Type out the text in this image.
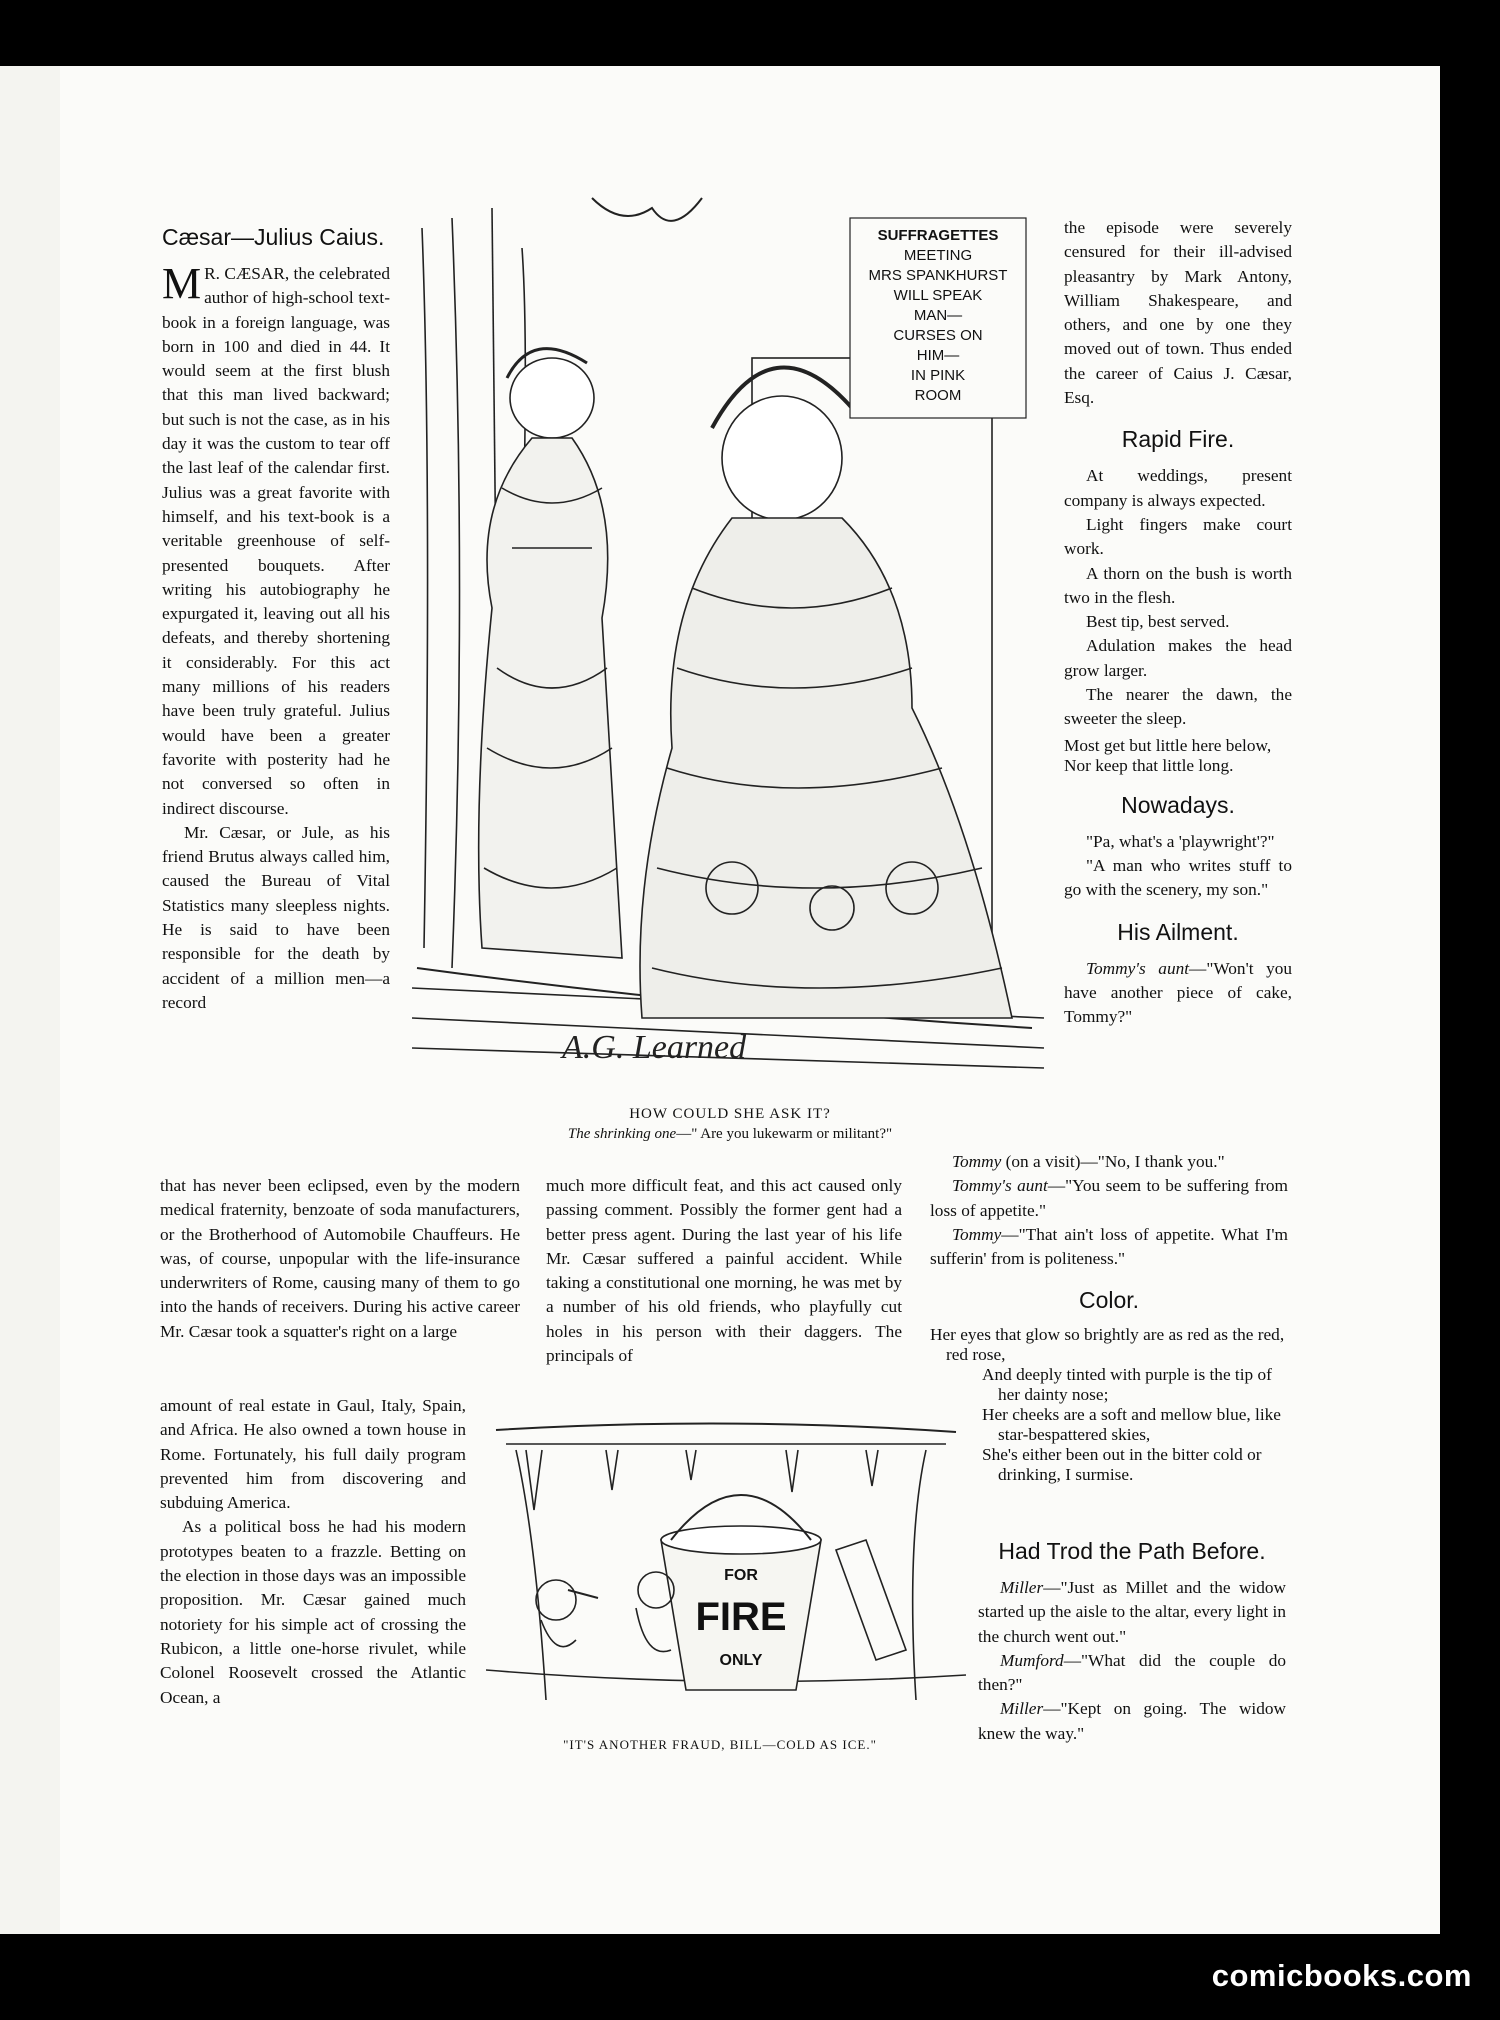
Cæsar—Julius Caius.

M R. CÆSAR, the celebrated author of high-school text-book in a foreign language, was born in 100 and died in 44. It would seem at the first blush that this man lived backward; but such is not the case, as in his day it was the custom to tear off the last leaf of the calendar first. Julius was a great favorite with himself, and his text-book is a veritable greenhouse of self-presented bouquets. After writing his autobiography he expurgated it, leaving out all his defeats, and thereby shortening it considerably. For this act many millions of his readers have been truly grateful. Julius would have been a greater favorite with posterity had he not conversed so often in indirect discourse.

Mr. Cæsar, or Jule, as his friend Brutus always called him, caused the Bureau of Vital Statistics many sleepless nights. He is said to have been responsible for the death by accident of a million men—a record

that has never been eclipsed, even by the modern medical fraternity, benzoate of soda manufacturers, or the Brotherhood of Automobile Chauffeurs. He was, of course, unpopular with the life-insurance underwriters of Rome, causing many of them to go into the hands of receivers. During his active career Mr. Cæsar took a squatter's right on a large

amount of real estate in Gaul, Italy, Spain, and Africa. He also owned a town house in Rome. Fortunately, his full daily program prevented him from discovering and subduing America.

As a political boss he had his modern prototypes beaten to a frazzle. Betting on the election in those days was an impossible proposition. Mr. Cæsar gained much notoriety for his simple act of crossing the Rubicon, a little one-horse rivulet, while Colonel Roosevelt crossed the Atlantic Ocean, a

much more difficult feat, and this act caused only passing comment. Possibly the former gent had a better press agent. During the last year of his life Mr. Cæsar suffered a painful accident. While taking a constitutional one morning, he was met by a number of his old friends, who playfully cut holes in his person with their daggers. The principals of

the episode were severely censured for their ill-advised pleasantry by Mark Antony, William Shakespeare, and others, and one by one they moved out of town. Thus ended the career of Caius J. Cæsar, Esq.

Rapid Fire.

At weddings, present company is always expected.

Light fingers make court work.

A thorn on the bush is worth two in the flesh.

Best tip, best served.

Adulation makes the head grow larger.

The nearer the dawn, the sweeter the sleep.

Most get but little here below,
Nor keep that little long.
Nowadays.

"Pa, what's a 'playwright'?"

"A man who writes stuff to go with the scenery, my son."

His Ailment.

Tommy's aunt—"Won't you have another piece of cake, Tommy?"

Tommy (on a visit)—"No, I thank you."

Tommy's aunt—"You seem to be suffering from loss of appetite."

Tommy—"That ain't loss of appetite. What I'm sufferin' from is politeness."

Color.
Her eyes that glow so brightly are as red as the red, red rose,
And deeply tinted with purple is the tip of her dainty nose;
Her cheeks are a soft and mellow blue, like star-bespattered skies,
She's either been out in the bitter cold or drinking, I surmise.
Had Trod the Path Before.

Miller—"Just as Millet and the widow started up the aisle to the altar, every light in the church went out."

Mumford—"What did the couple do then?"

Miller—"Kept on going. The widow knew the way."

SUFFRAGETTES
MEETING
MRS SPANKHURST
WILL SPEAK
MAN—
CURSES ON
HIM—
IN PINK
ROOM
A.G. Learned
HOW COULD SHE ASK IT?
The shrinking one—" Are you lukewarm or militant?"
FOR
FIRE
ONLY
"IT'S ANOTHER FRAUD, BILL—COLD AS ICE."
comicbooks.com
